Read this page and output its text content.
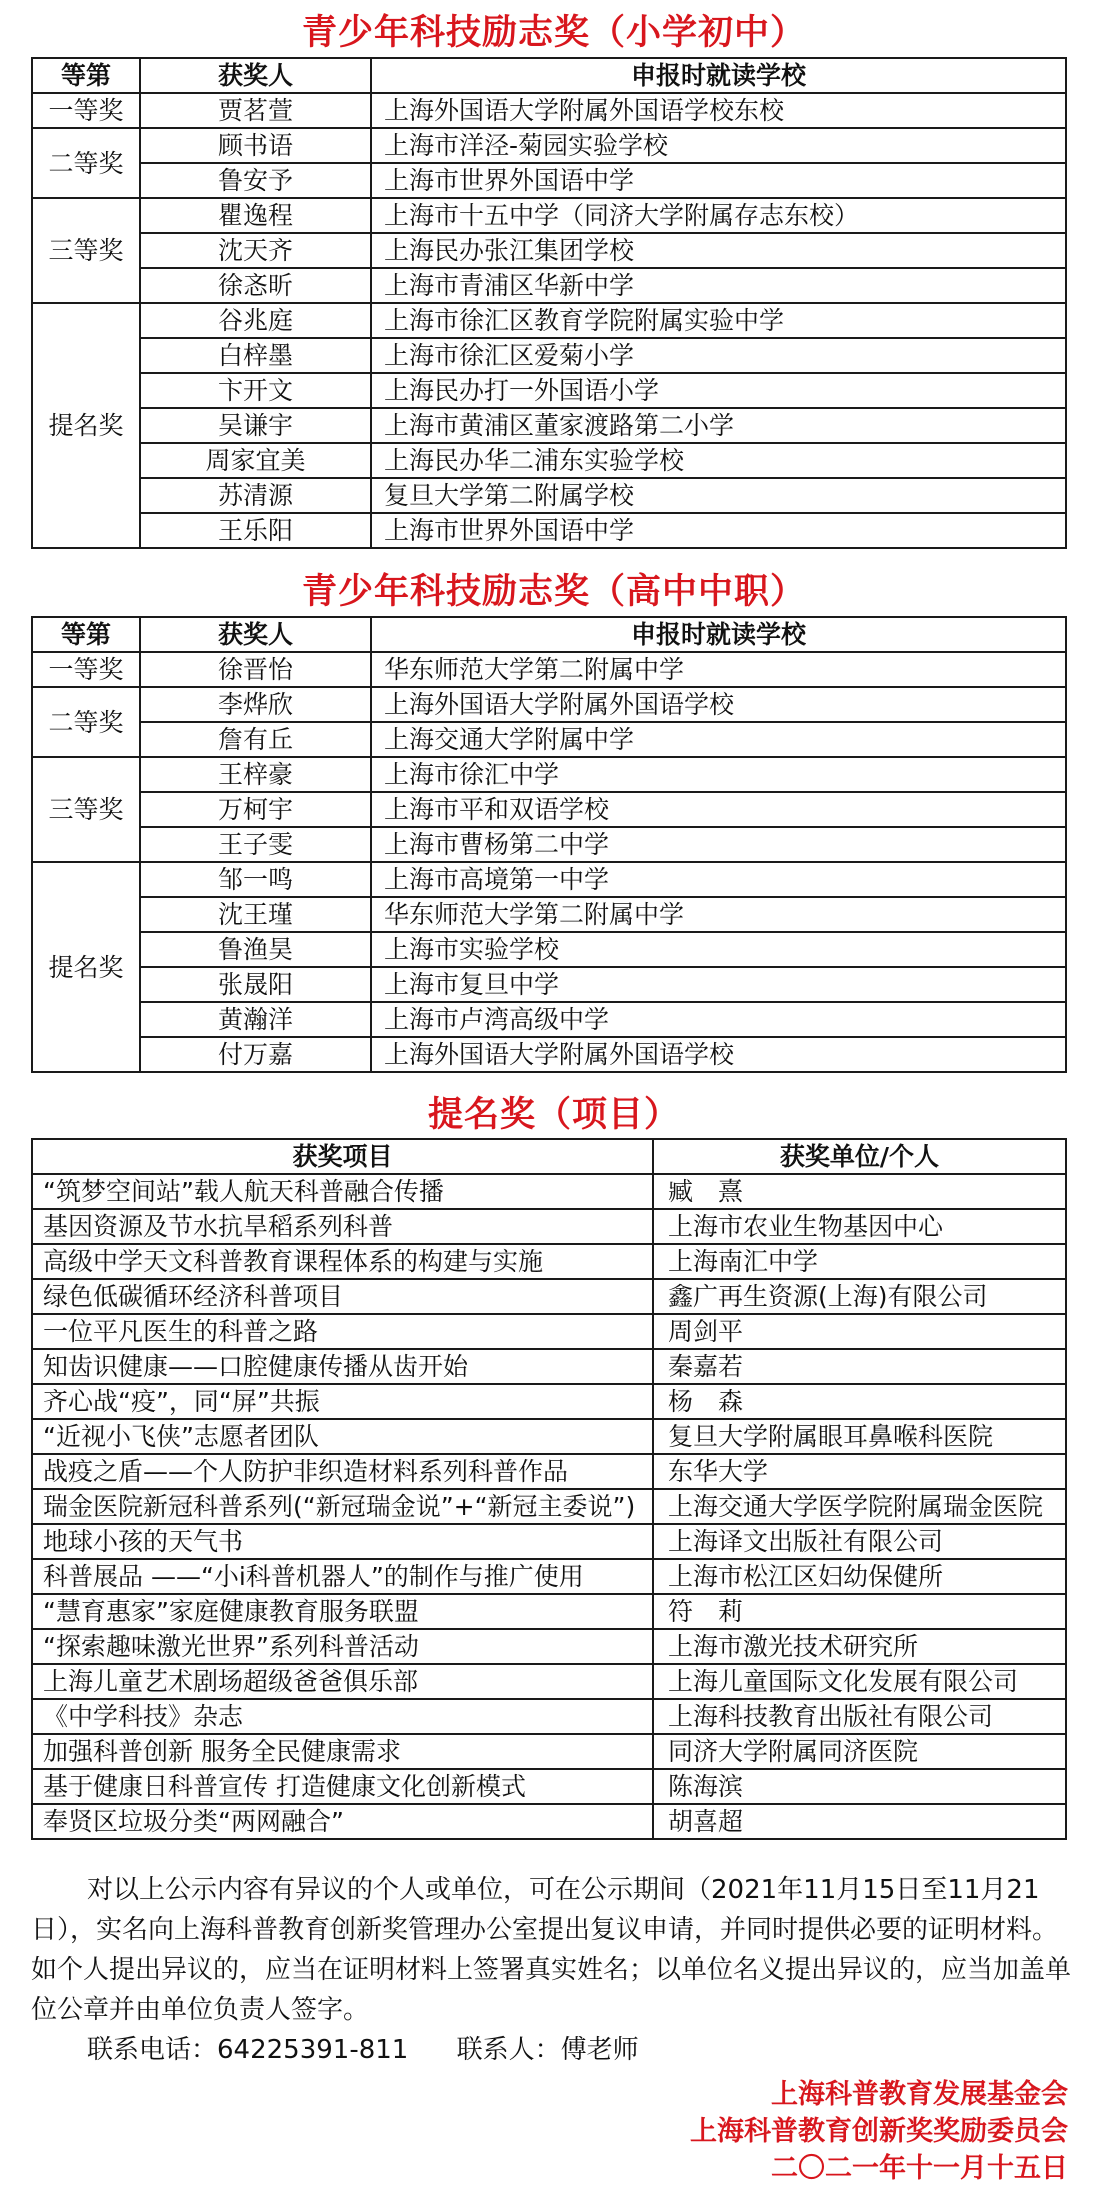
青少年科技励志奖（小学初中）
等第	获奖人	申报时就读学校
一等奖	贾茗萱	上海外国语大学附属外国语学校东校
二等奖	顾书语	上海市洋泾-菊园实验学校
	鲁安予	上海市世界外国语中学
三等奖	瞿逸程	上海市十五中学（同济大学附属存志东校）
	沈天齐	上海民办张江集团学校
	徐忞昕	上海市青浦区华新中学
提名奖	谷兆庭	上海市徐汇区教育学院附属实验中学
	白梓墨	上海市徐汇区爱菊小学
	卞开文	上海民办打一外国语小学
	吴谦宇	上海市黄浦区董家渡路第二小学
	周家宜美	上海民办华二浦东实验学校
	苏清源	复旦大学第二附属学校
	王乐阳	上海市世界外国语中学
青少年科技励志奖（高中中职）
等第	获奖人	申报时就读学校
一等奖	徐晋怡	华东师范大学第二附属中学
二等奖	李烨欣	上海外国语大学附属外国语学校
	詹有丘	上海交通大学附属中学
三等奖	王梓豪	上海市徐汇中学
	万柯宇	上海市平和双语学校
	王子雯	上海市曹杨第二中学
提名奖	邹一鸣	上海市高境第一中学
	沈王瑾	华东师范大学第二附属中学
	鲁渔昊	上海市实验学校
	张晟阳	上海市复旦中学
	黄瀚洋	上海市卢湾高级中学
	付万嘉	上海外国语大学附属外国语学校
提名奖（项目）
获奖项目	获奖单位/个人
“筑梦空间站”载人航天科普融合传播	臧　熹
基因资源及节水抗旱稻系列科普	上海市农业生物基因中心
高级中学天文科普教育课程体系的构建与实施	上海南汇中学
绿色低碳循环经济科普项目	鑫广再生资源(上海)有限公司
一位平凡医生的科普之路	周剑平
知齿识健康——口腔健康传播从齿开始	秦嘉若
齐心战“疫”，同“屏”共振	杨　森
“近视小飞侠”志愿者团队	复旦大学附属眼耳鼻喉科医院
战疫之盾——个人防护非织造材料系列科普作品	东华大学
瑞金医院新冠科普系列(“新冠瑞金说”+“新冠主委说”)	上海交通大学医学院附属瑞金医院
地球小孩的天气书	上海译文出版社有限公司
科普展品 ——“小i科普机器人”的制作与推广使用	上海市松江区妇幼保健所
“慧育惠家”家庭健康教育服务联盟	符　莉
“探索趣味激光世界”系列科普活动	上海市激光技术研究所
上海儿童艺术剧场超级爸爸俱乐部	上海儿童国际文化发展有限公司
《中学科技》杂志	上海科技教育出版社有限公司
加强科普创新 服务全民健康需求	同济大学附属同济医院
基于健康日科普宣传 打造健康文化创新模式	陈海滨
奉贤区垃圾分类“两网融合”	胡喜超

对以上公示内容有异议的个人或单位，可在公示期间（2021年11月15日至11月21日），实名向上海科普教育创新奖管理办公室提出复议申请，并同时提供必要的证明材料。如个人提出异议的，应当在证明材料上签署真实姓名；以单位名义提出异议的，应当加盖单位公章并由单位负责人签字。

联系电话：64225391-811 联系人：傅老师
上海科普教育发展基金会
上海科普教育创新奖奖励委员会
二〇二一年十一月十五日
